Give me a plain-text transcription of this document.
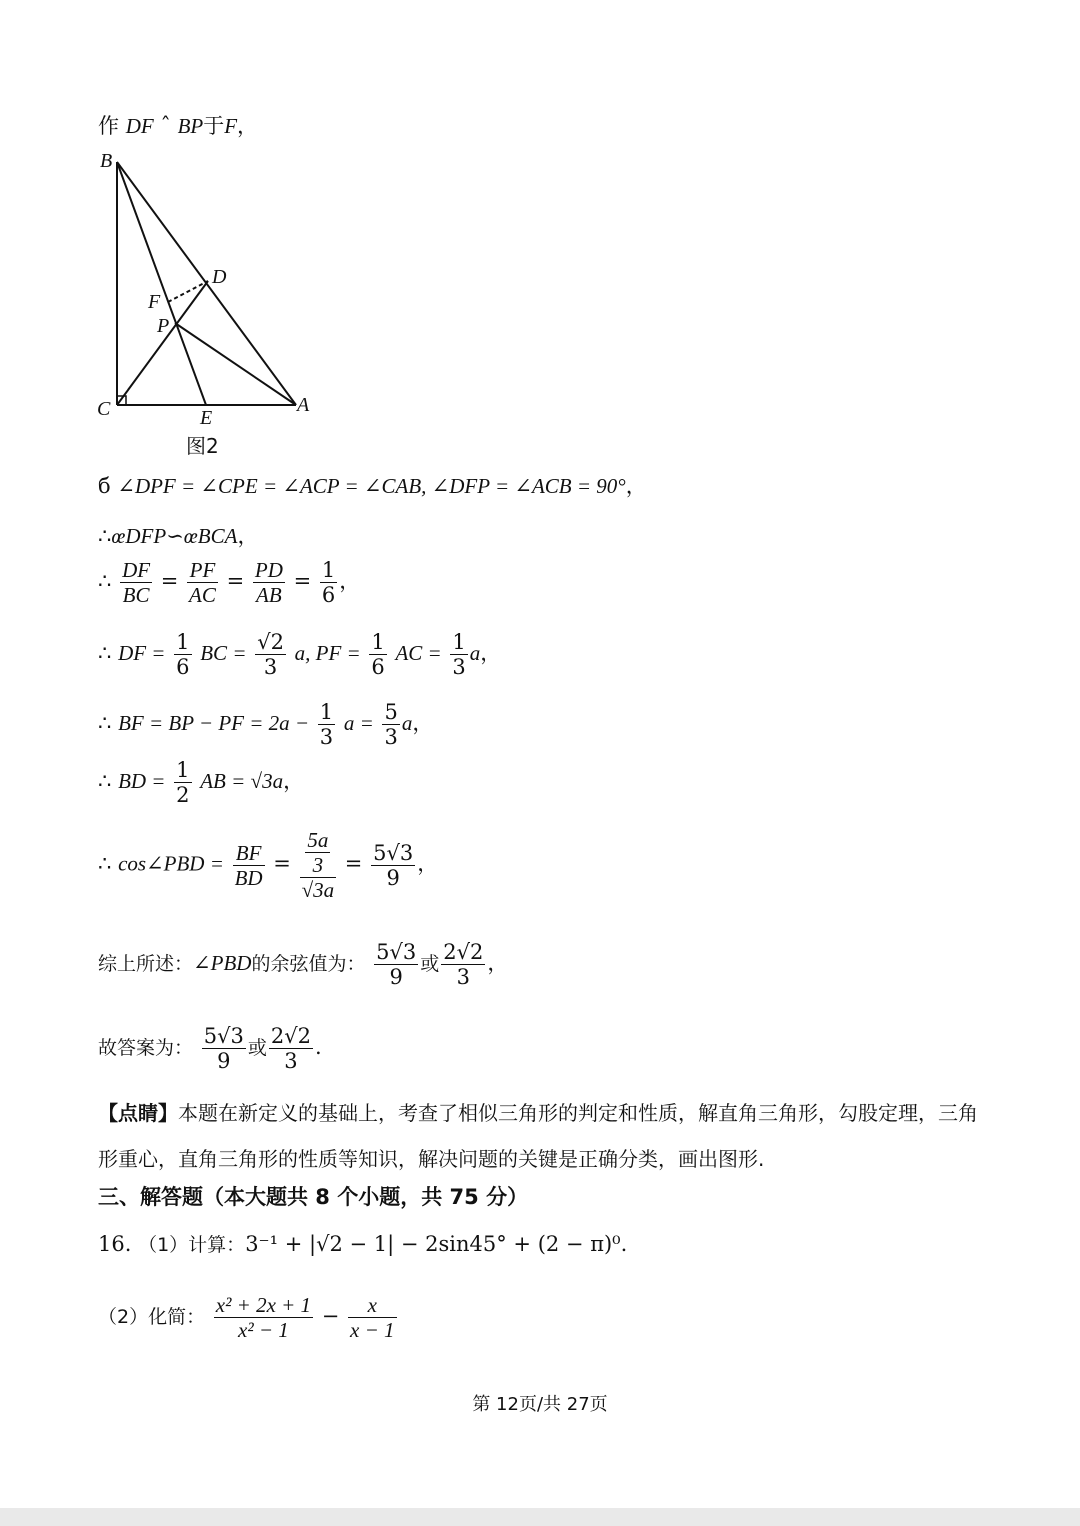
作 DF ˆ BP于F，
B
D
F
P
C	E
A
图2
б ∠DPF = ∠CPE = ∠ACP = ∠CAB, ∠DFP = ∠ACB = 90°，
∴œDFP∽œBCA，
∴ $\frac{DF}{BC} = \frac{PF}{AC} = \frac{PD}{AB} = \frac{1}{6}$ ，
∴ DF = $\frac{1}{6}$ BC = $\frac{√2}{3} a$, PF = $\frac{1}{6}$ AC = $\frac{1}{3}$ a，
∴ BF = BP − PF = $2a - \frac{1}{3}$ $a = \frac{5}{3}$ a，
∴ BD = $\frac{1}{2}$ AB = √3a，
∴ cos∠PBD = $\frac{BF}{BD} = \frac{\frac{5a}{3}}{√3a} = \frac{5√3}{9}$ ，
综上所述：∠PBD的余弦值为： $\frac{5√3}{9}$ 或 $\frac{2√2}{3}$ ，
故答案为： $\frac{5√3}{9}$ 或 $\frac{2√2}{3}$ .
【点睛】本题在新定义的基础上，考查了相似三角形的判定和性质，解直角三角形，勾股定理，三角形重心，直角三角形的性质等知识，解决问题的关键是正确分类，画出图形.
三、解答题（本大题共 8 个小题，共 75 分）
16. （1）计算：3⁻¹ + |√2 − 1| − 2sin45° + (2 − π)⁰.
（2）化简： $\frac{\text{x² + 2x + 1}}{\text{x² − 1}} - \frac{x}{x - 1}$
第 12页/共 27页
